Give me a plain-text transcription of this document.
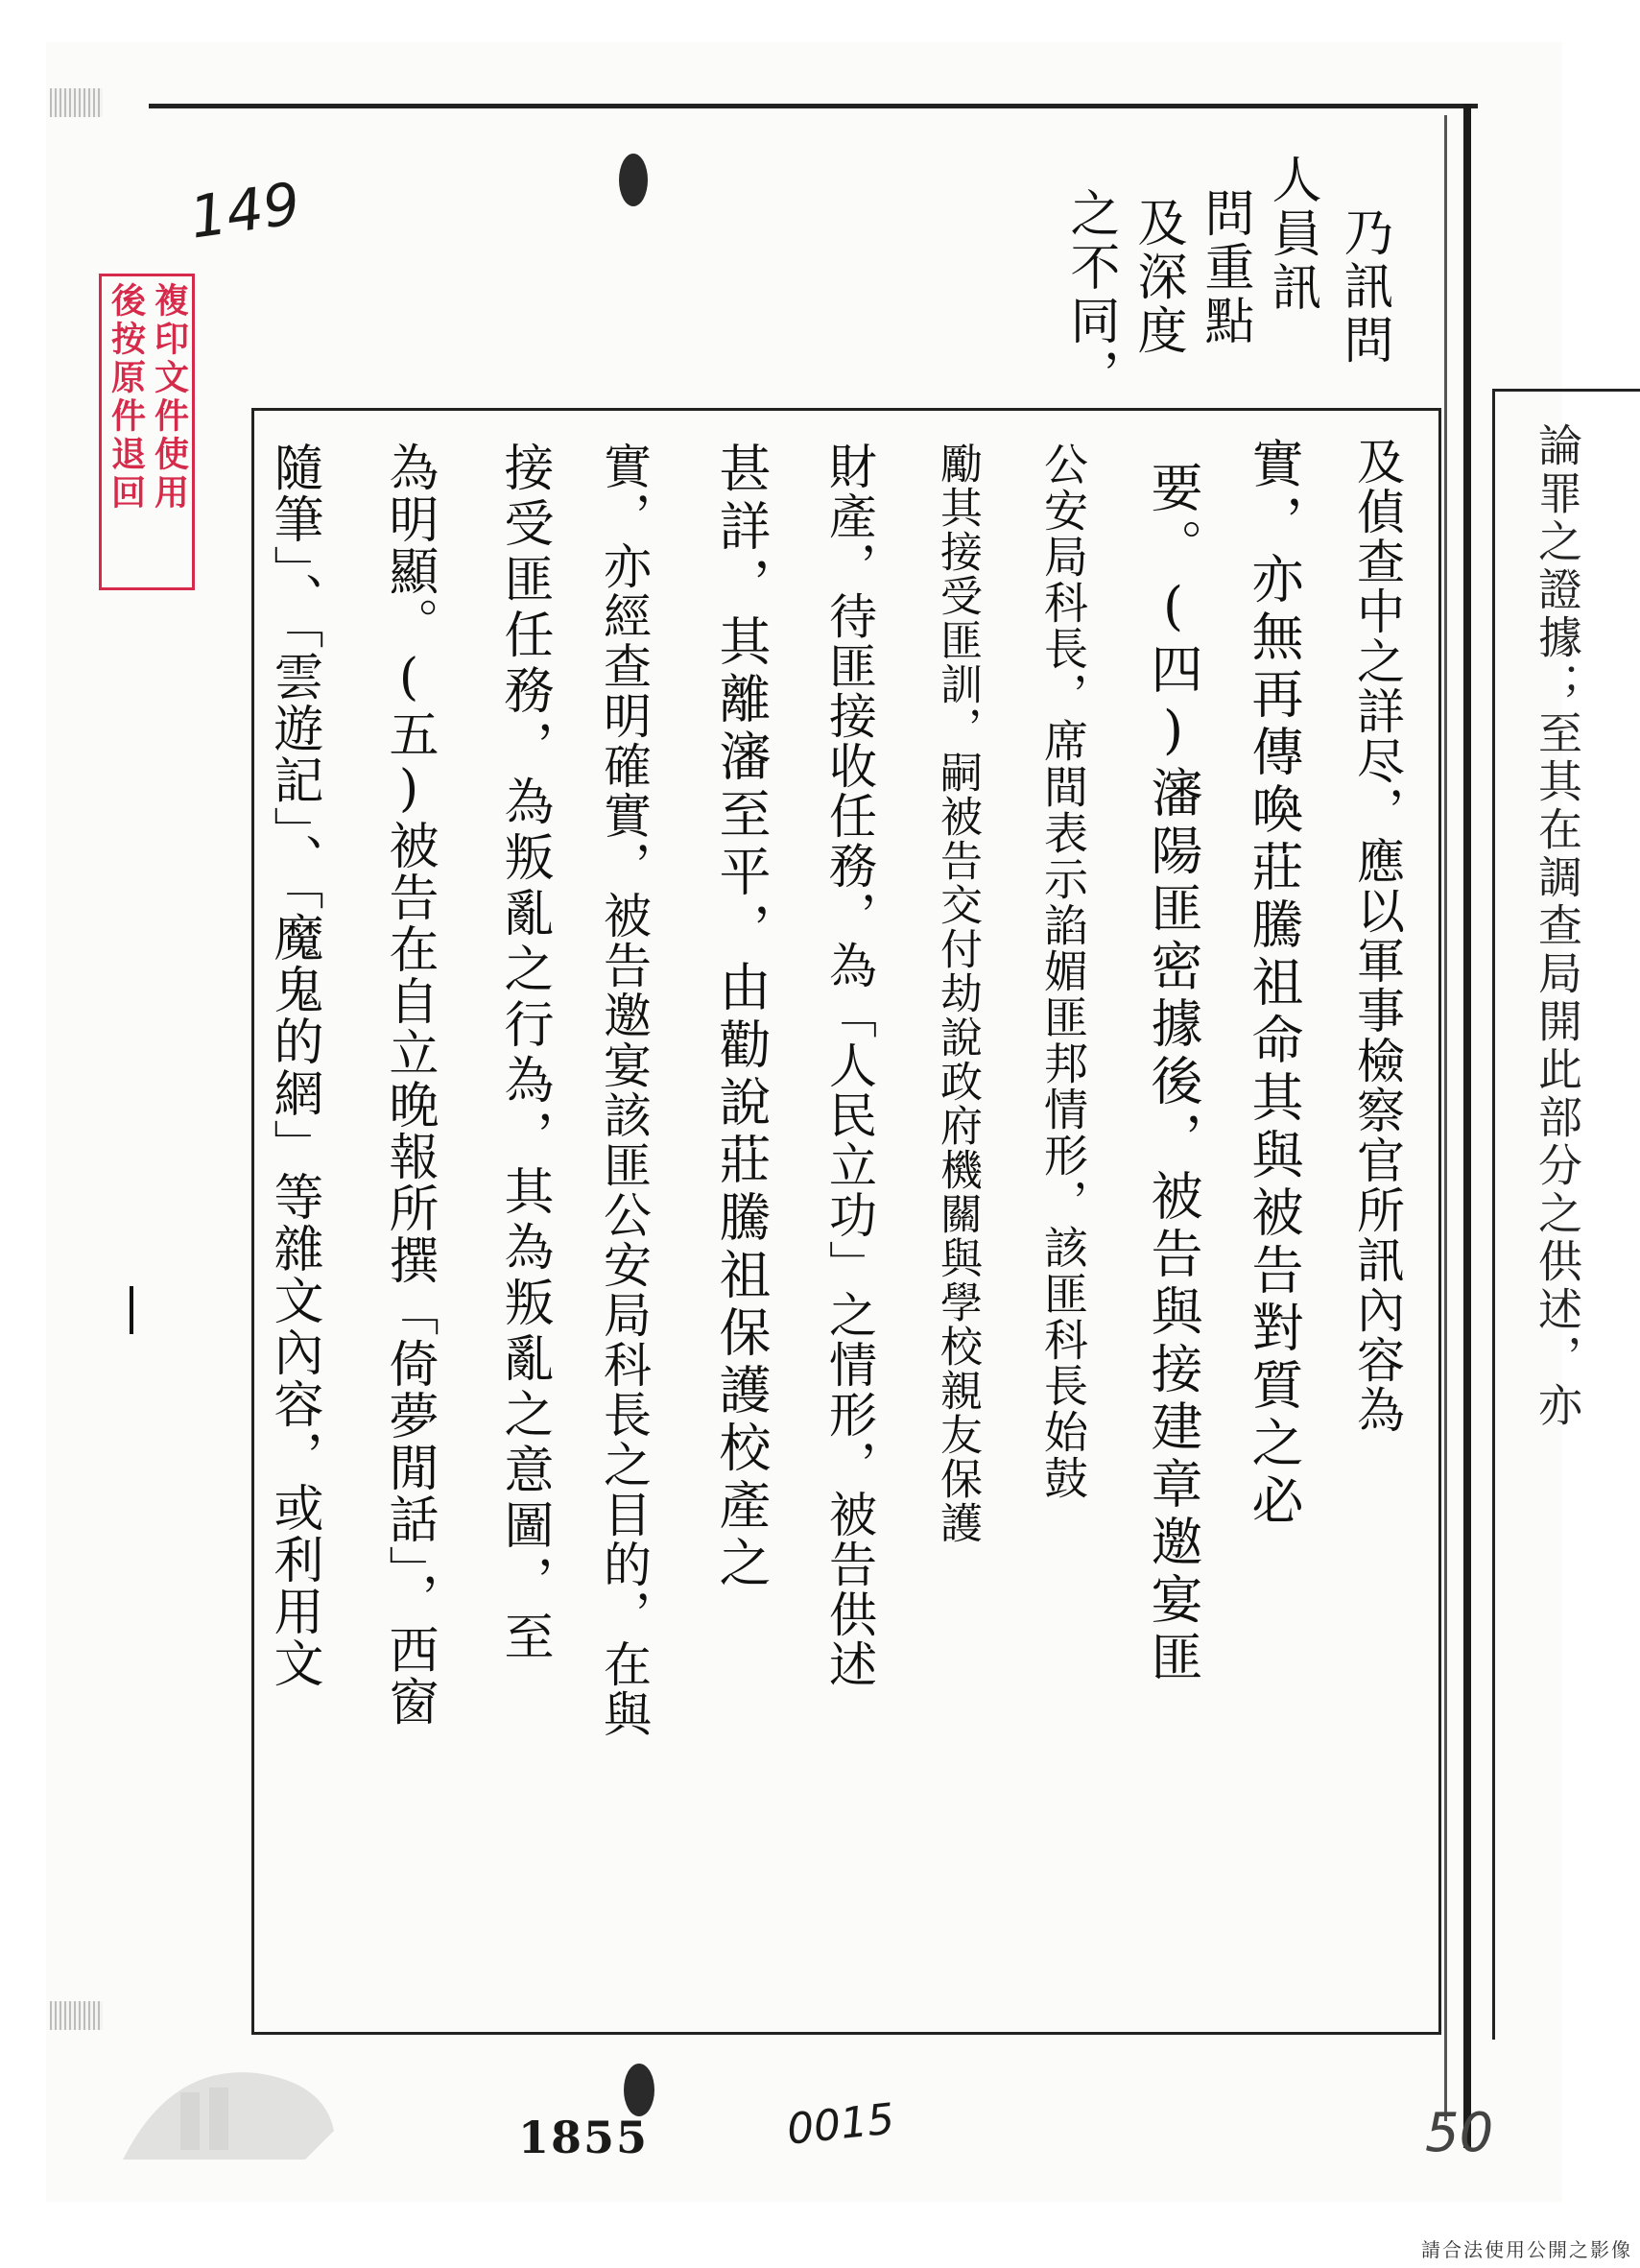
149
複印文件使用
後按原件退回	乃訊問
人員訊
問重點
及深度
之不同，
及偵查中之詳尽，應以軍事檢察官所訊內容為	論罪之證據；至其在調查局開此部分之供述，亦
實，亦無再傳喚莊騰祖命其與被告對質之必
要。(四)瀋陽匪密據後，被告與接建章邀宴匪
公安局科長，席間表示諂媚匪邦情形，該匪科長始鼓
勵其接受匪訓，嗣被告交付劫說政府機關與學校親友保護
財產，待匪接收任務，為「人民立功」之情形，被告供述
甚詳，其離瀋至平，由勸說莊騰祖保護校產之
實，亦經查明確實，被告邀宴該匪公安局科長之目的，在與
接受匪任務，為叛亂之行為，其為叛亂之意圖，至
為明顯。(五)被告在自立晚報所撰「倚夢閒話」，西窗
隨筆」、「雲遊記」、「魔鬼的網」等雜文內容，或利用文
1855	0015	50
請合法使用公開之影像
